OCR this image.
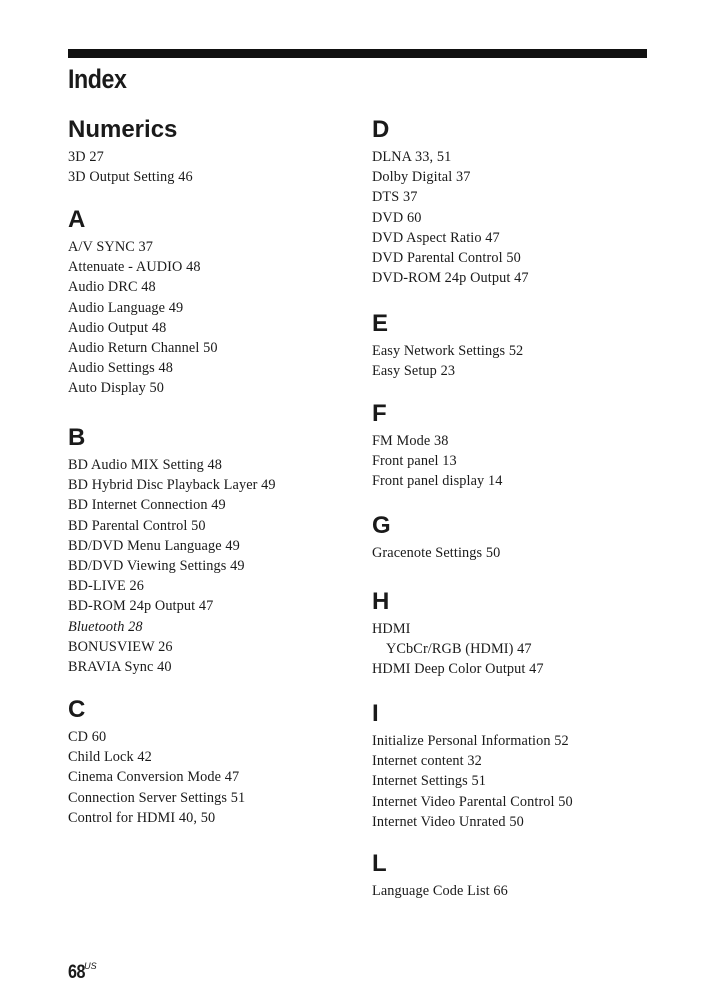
Index
Numerics
3D 27
3D Output Setting 46
A
A/V SYNC 37
Attenuate - AUDIO 48
Audio DRC 48
Audio Language 49
Audio Output 48
Audio Return Channel 50
Audio Settings 48
Auto Display 50
B
BD Audio MIX Setting 48
BD Hybrid Disc Playback Layer 49
BD Internet Connection 49
BD Parental Control 50
BD/DVD Menu Language 49
BD/DVD Viewing Settings 49
BD-LIVE 26
BD-ROM 24p Output 47
Bluetooth 28
BONUSVIEW 26
BRAVIA Sync 40
C
CD 60
Child Lock 42
Cinema Conversion Mode 47
Connection Server Settings 51
Control for HDMI 40, 50
D
DLNA 33, 51
Dolby Digital 37
DTS 37
DVD 60
DVD Aspect Ratio 47
DVD Parental Control 50
DVD-ROM 24p Output 47
E
Easy Network Settings 52
Easy Setup 23
F
FM Mode 38
Front panel 13
Front panel display 14
G
Gracenote Settings 50
H
HDMI
YCbCr/RGB (HDMI) 47
HDMI Deep Color Output 47
I
Initialize Personal Information 52
Internet content 32
Internet Settings 51
Internet Video Parental Control 50
Internet Video Unrated 50
L
Language Code List 66
$68^{US}$
